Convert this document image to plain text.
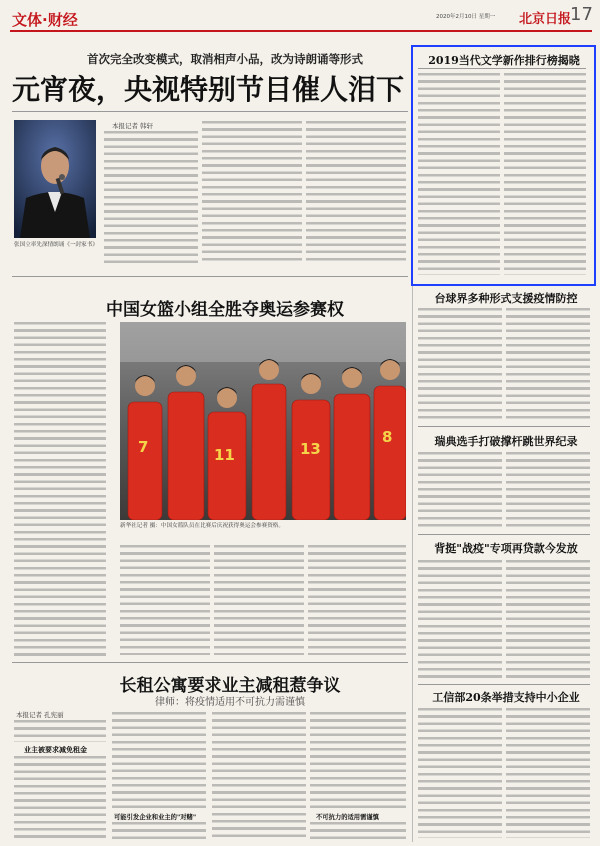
文体·财经	2020年2月10日 星期一 北京日报
17
首次完全改变模式，取消相声小品，改为诗朗诵等形式
元宵夜，央视特别节目催人泪下
张国立率先深情朗诵《一封家书》
本报记者 韩轩
2019当代文学新作排行榜揭晓
中国女篮小组全胜夺奥运参赛权
7	11	13
8
新华社记者 摄：中国女篮队员在比赛后庆祝获得奥运会参赛资格。
台球界多种形式支援疫情防控
瑞典选手打破撑杆跳世界纪录
背挺"战疫"专项再贷款今发放
工信部20条举措支持中小企业
长租公寓要求业主减租惹争议
律师：将疫情适用不可抗力需谨慎
本报记者 孔宪丽
业主被要求减免租金
可能引发企业和业主的"对赌"	不可抗力的适用需谨慎
